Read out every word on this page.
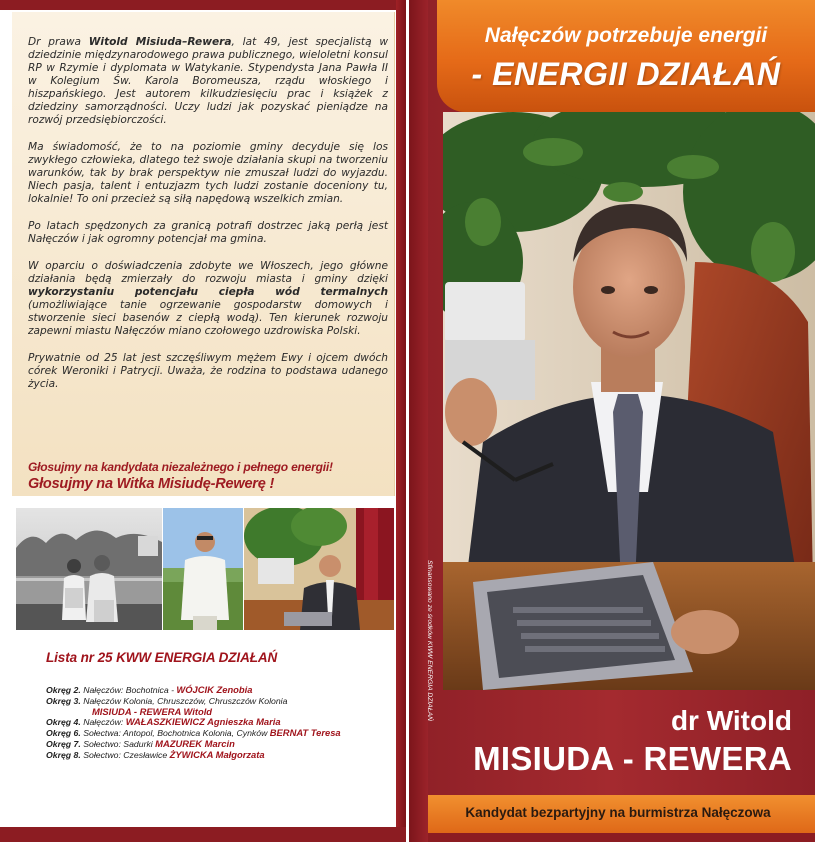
Dr prawa Witold Misiuda–Rewera, lat 49, jest specjalistą w dziedzinie międzynarodowego prawa publicznego, wieloletni konsul RP w Rzymie i dyplomata w Watykanie. Stypendysta Jana Pawła II w Kolegium Św. Karola Boromeusza, rządu włoskiego i hiszpańskiego. Jest autorem kilkudziesięciu prac i książek z dziedziny samorządności. Uczy ludzi jak pozyskać pieniądze na rozwój przedsiębiorczości.

Ma świadomość, że to na poziomie gminy decyduje się los zwykłego człowieka, dlatego też swoje działania skupi na tworzeniu warunków, tak by brak perspektyw nie zmuszał ludzi do wyjazdu. Niech pasja, talent i entuzjazm tych ludzi zostanie doceniony tu, lokalnie! To oni przecież są siłą napędową wszelkich zmian.

Po latach spędzonych za granicą potrafi dostrzec jaką perłą jest Nałęczów i jak ogromny potencjał ma gmina.

W oparciu o doświadczenia zdobyte we Włoszech, jego główne działania będą zmierzały do rozwoju miasta i gminy dzięki wykorzystaniu potencjału ciepła wód termalnych (umożliwiające tanie ogrzewanie gospodarstw domowych i stworzenie sieci basenów z ciepłą wodą). Ten kierunek rozwoju zapewni miastu Nałęczów miano czołowego uzdrowiska Polski.

Prywatnie od 25 lat jest szczęśliwym mężem Ewy i ojcem dwóch córek Weroniki i Patrycji. Uważa, że rodzina to podstawa udanego życia.

Głosujmy na kandydata niezależnego i pełnego energii!
Głosujmy na Witka Misiudę-Rewerę !
Lista nr 25 KWW ENERGIA DZIAŁAŃ
Okręg 2. Nałęczów: Bochotnica - WÓJCIK Zenobia
Okręg 3. Nałęczów Kolonia, Chruszczów, Chruszczów Kolonia
MISIUDA - REWERA Witold
Okręg 4. Nałęczów: WAŁASZKIEWICZ Agnieszka Maria
Okręg 6. Sołectwa: Antopol, Bochotnica Kolonia, Cynków BERNAT Teresa
Okręg 7. Sołectwo: Sadurki MAZUREK Marcin
Okręg 8. Sołectwo: Czesławice ŻYWICKA Małgorzata
Nałęczów potrzebuje energii
- ENERGII DZIAŁAŃ
Sfinansowano ze środków KWW ENERGIA DZIAŁAŃ	dr Witold
MISIUDA - REWERA
Kandydat bezpartyjny na burmistrza Nałęczowa
